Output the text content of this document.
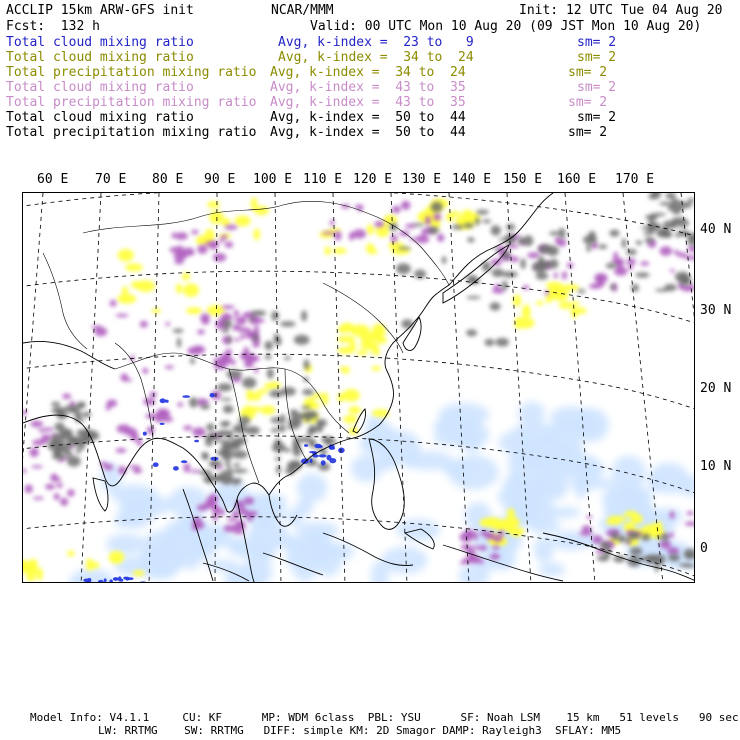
ACCLIP 15km ARW-GFS init	NCAR/MMM	Init: 12 UTC Tue 04 Aug 20
Fcst:  132 h	Valid: 00 UTC Mon 10 Aug 20 (09 JST Mon 10 Aug 20)
Total cloud mixing ratio	Avg, k-index =  23 to   9	sm= 2
Total cloud mixing ratio	Avg, k-index =  34 to  24	sm= 2
Total precipitation mixing ratio Avg, k-index =  34 to  24	sm= 2
Total cloud mixing ratio	Avg, k-index =  43 to  35	sm= 2
Total precipitation mixing ratio Avg, k-index =  43 to  35	sm= 2
Total cloud mixing ratio	Avg, k-index =  50 to  44	sm= 2
Total precipitation mixing ratio Avg, k-index =  50 to  44	sm= 2
60 E 70 E 80 E 90 E 100 E 110 E 120 E 130 E 140 E 150 E 160 E 170 E
40 N
30 N
20 N
10 N
0
Model Info: V4.1.1     CU: KF      MP: WDM 6class  PBL: YSU      SF: Noah LSM    15 km   51 levels   90 sec
LW: RRTMG    SW: RRTMG   DIFF: simple KM: 2D Smagor DAMP: Rayleigh3  SFLAY: MM5
